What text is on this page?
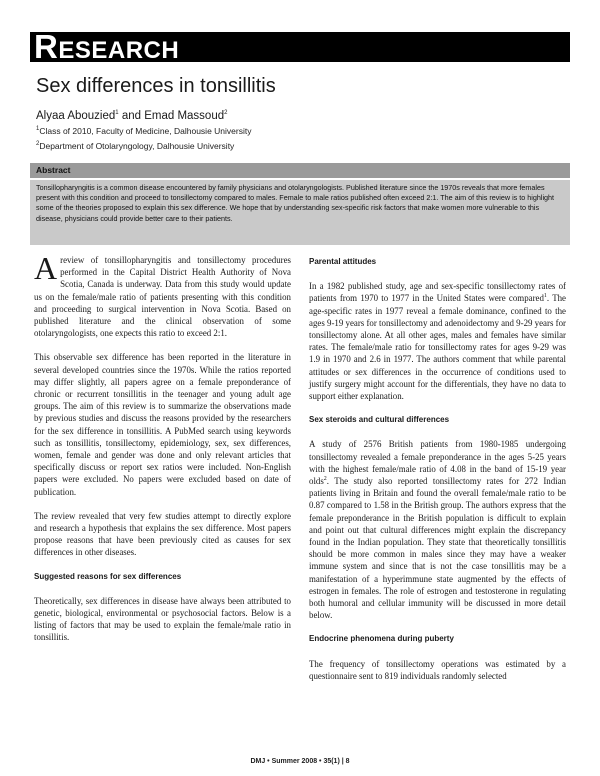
RESEARCH
Sex differences in tonsillitis
Alyaa Abouzied$^1$ and Emad Massoud$^2$
$^1$Class of 2010, Faculty of Medicine, Dalhousie University
$^2$Department of Otolaryngology, Dalhousie University
Abstract
Tonsillopharyngitis is a common disease encountered by family physicians and otolaryngologists. Published literature since the 1970s reveals that more females present with this condition and proceed to tonsillectomy compared to males. Female to male ratios published often exceed 2:1. The aim of this review is to highlight some of the theories proposed to explain this sex difference. We hope that by understanding sex-specific risk factors that make women more vulnerable to this disease, physicians could provide better care to their patients.

Areview of tonsillopharyngitis and tonsillectomy procedures performed in the Capital District Health Authority of Nova Scotia, Canada is underway. Data from this study would update us on the female/male ratio of patients presenting with this condition and proceeding to surgical intervention in Nova Scotia. Based on published literature and the clinical observation of some otolaryngologists, one expects this ratio to exceed 2:1.

This observable sex difference has been reported in the literature in several developed countries since the 1970s. While the ratios reported may differ slightly, all papers agree on a female preponderance of chronic or recurrent tonsillitis in the teenager and young adult age groups. The aim of this review is to summarize the observations made by previous studies and discuss the reasons provided by the researchers for the sex difference in tonsillitis. A PubMed search using keywords such as tonsillitis, tonsillectomy, epidemiology, sex, sex differences, women, female and gender was done and only relevant articles that specifically discuss or report sex ratios were included. Non-English papers were excluded. No papers were excluded based on date of publication.

The review revealed that very few studies attempt to directly explore and research a hypothesis that explains the sex difference. Most papers propose reasons that have been previously cited as causes for sex differences in other diseases.

Suggested reasons for sex differences

Theoretically, sex differences in disease have always been attributed to genetic, biological, environmental or psychosocial factors. Below is a listing of factors that may be used to explain the female/male ratio in tonsillitis.

Parental attitudes

In a 1982 published study, age and sex-specific tonsillectomy rates of patients from 1970 to 1977 in the United States were compared$^1$. The age-specific rates in 1977 reveal a female dominance, confined to the ages 9-19 years for tonsillectomy and adenoidectomy and 9-29 years for tonsillectomy alone. At all other ages, males and females have similar rates. The female/male ratio for tonsillectomy rates for ages 9-29 was 1.9 in 1970 and 2.6 in 1977. The authors comment that while parental attitudes or sex differences in the occurrence of conditions used to justify surgery might account for the differentials, they have no data to support either explanation.

Sex steroids and cultural differences

A study of 2576 British patients from 1980-1985 undergoing tonsillectomy revealed a female preponderance in the ages 5-25 years with the highest female/male ratio of 4.08 in the band of 15-19 year olds$^2$. The study also reported tonsillectomy rates for 272 Indian patients living in Britain and found the overall female/male ratio to be 0.87 compared to 1.58 in the British group. The authors express that the female preponderance in the British population is difficult to explain and point out that cultural differences might explain the discrepancy found in the Indian population. They state that theoretically tonsillitis should be more common in males since they may have a weaker immune system and since that is not the case tonsillitis may be a manifestation of a hyperimmune state augmented by the effects of estrogen in females. The role of estrogen and testosterone in regulating both humoral and cellular immunity will be discussed in more detail below.

Endocrine phenomena during puberty

The frequency of tonsillectomy operations was estimated by a questionnaire sent to 819 individuals randomly selected

DMJ • Summer 2008 • 35(1) | 8
